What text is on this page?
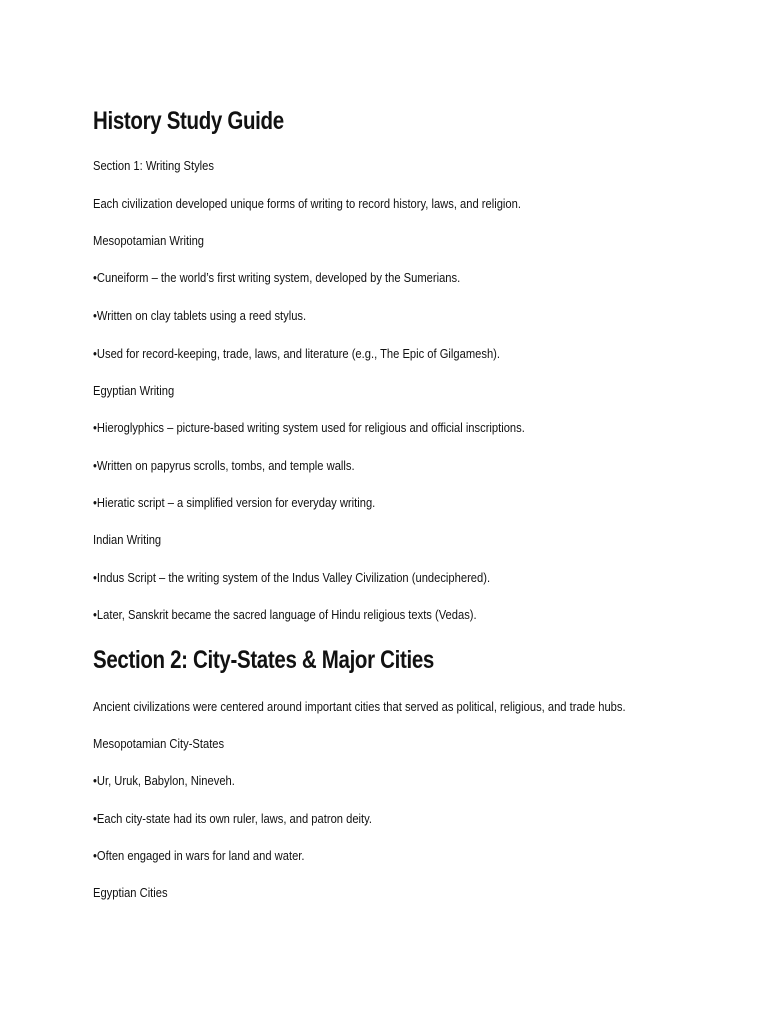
History Study Guide

Section 1: Writing Styles

Each civilization developed unique forms of writing to record history, laws, and religion.

Mesopotamian Writing

•Cuneiform – the world’s first writing system, developed by the Sumerians.

•Written on clay tablets using a reed stylus.

•Used for record-keeping, trade, laws, and literature (e.g., The Epic of Gilgamesh).

Egyptian Writing

•Hieroglyphics – picture-based writing system used for religious and official inscriptions.

•Written on papyrus scrolls, tombs, and temple walls.

•Hieratic script – a simplified version for everyday writing.

Indian Writing

•Indus Script – the writing system of the Indus Valley Civilization (undeciphered).

•Later, Sanskrit became the sacred language of Hindu religious texts (Vedas).

Section 2: City-States & Major Cities

Ancient civilizations were centered around important cities that served as political, religious, and trade hubs.

Mesopotamian City-States

•Ur, Uruk, Babylon, Nineveh.

•Each city-state had its own ruler, laws, and patron deity.

•Often engaged in wars for land and water.

Egyptian Cities
